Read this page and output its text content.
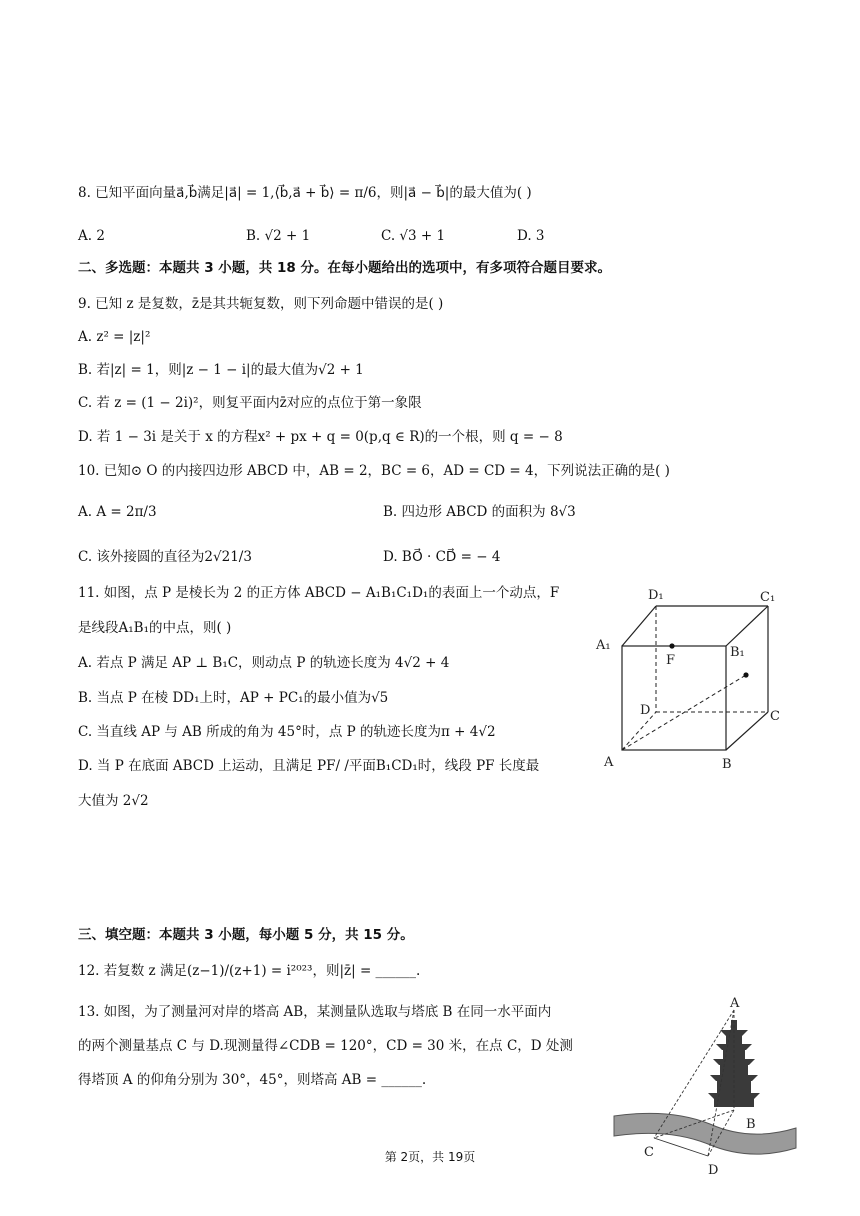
8. 已知平面向量a⃗,b⃗满足|a⃗| = 1,⟨b⃗,a⃗ + b⃗⟩ = π/6，则|a⃗ − b⃗|的最大值为( )
A. 2	B. √2 + 1	C. √3 + 1	D. 3
二、多选题：本题共 3 小题，共 18 分。在每小题给出的选项中，有多项符合题目要求。
9. 已知 z 是复数，z̄是其共轭复数，则下列命题中错误的是( )
A. z² = |z|²
B. 若|z| = 1，则|z − 1 − i|的最大值为√2 + 1
C. 若 z = (1 − 2i)²，则复平面内z̄对应的点位于第一象限
D. 若 1 − 3i 是关于 x 的方程x² + px + q = 0(p,q ∈ R)的一个根，则 q = − 8
10. 已知⊙ O 的内接四边形 ABCD 中，AB = 2，BC = 6，AD = CD = 4，下列说法正确的是( )
A. A = 2π/3	B. 四边形 ABCD 的面积为 8√3
C. 该外接圆的直径为2√21/3	D. BO⃗ · CD⃗ = − 4
11. 如图，点 P 是棱长为 2 的正方体 ABCD − A₁B₁C₁D₁的表面上一个动点，F
是线段A₁B₁的中点，则( )
A. 若点 P 满足 AP ⊥ B₁C，则动点 P 的轨迹长度为 4√2 + 4
B. 当点 P 在棱 DD₁上时，AP + PC₁的最小值为√5
C. 当直线 AP 与 AB 所成的角为 45°时，点 P 的轨迹长度为π + 4√2
D. 当 P 在底面 ABCD 上运动，且满足 PF/ /平面B₁CD₁时，线段 PF 长度最
大值为 2√2
D₁	C₁
A₁
F
B₁
D	C
A	B
三、填空题：本题共 3 小题，每小题 5 分，共 15 分。
12. 若复数 z 满足(z−1)/(z+1) = i²⁰²³，则|z̄| = ______.
13. 如图，为了测量河对岸的塔高 AB，某测量队选取与塔底 B 在同一水平面内
的两个测量基点 C 与 D.现测量得∠CDB = 120°，CD = 30 米，在点 C，D 处测
得塔顶 A 的仰角分别为 30°，45°，则塔高 AB = ______.
A
B
C
D
第 2页，共 19页
